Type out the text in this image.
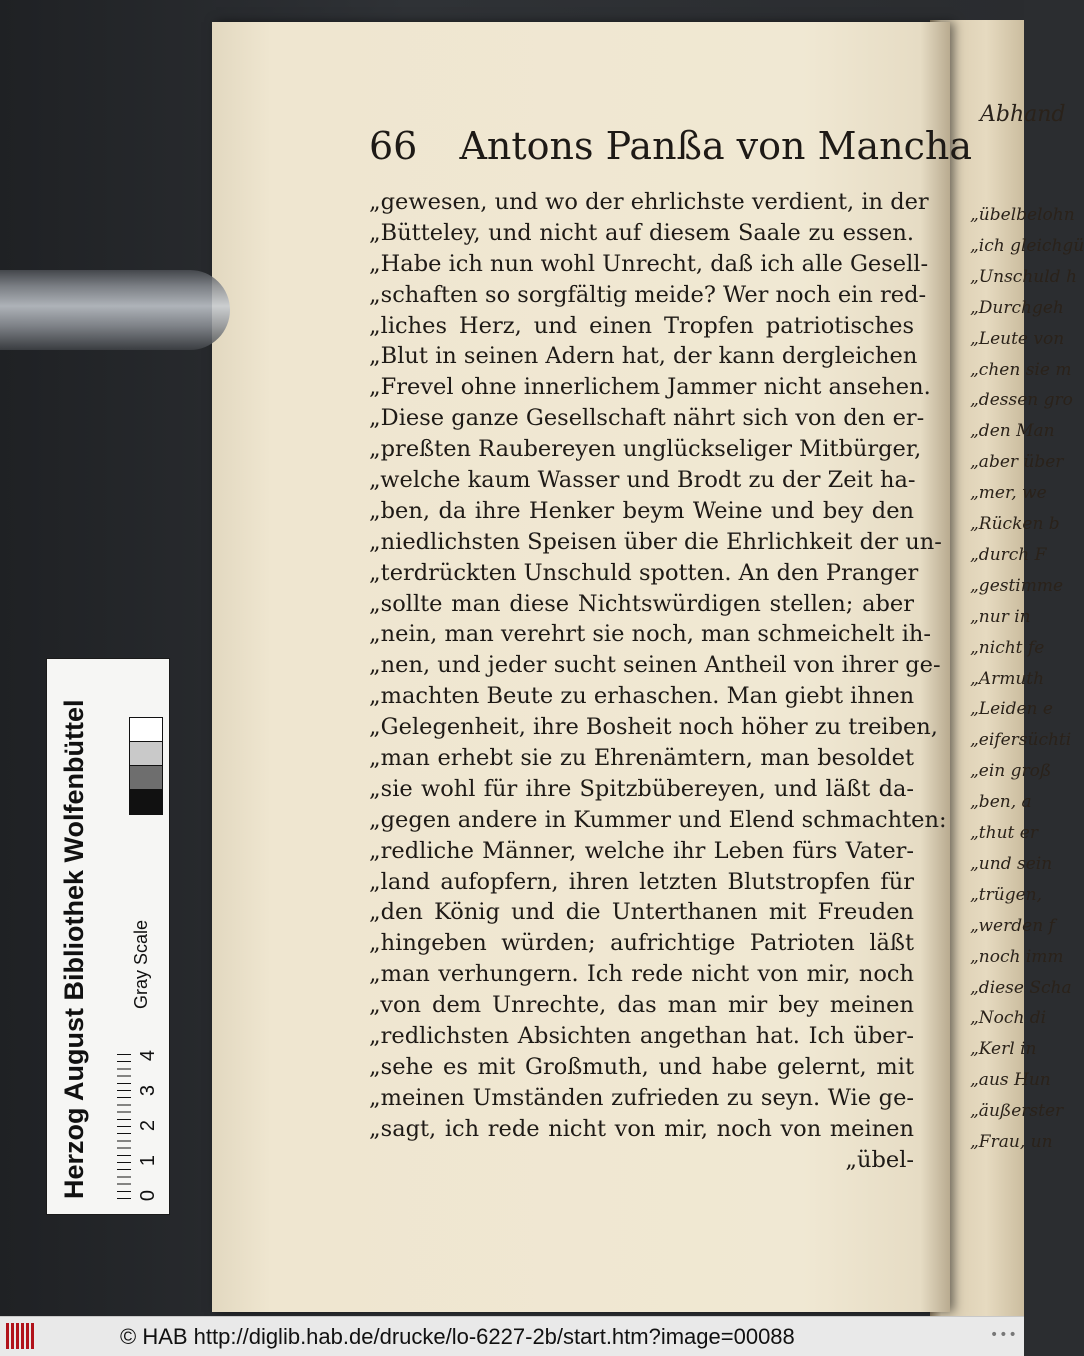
Abhand
„übelbelohn
„ich gleichgü
„Unschuld h
„Durchgeh
„Leute von
„chen sie m
„dessen gro
„den Man
„aber über
„mer, we
„Rücken b
„durch F
„gestimme
„nur in
„nicht fe
„Armuth
„Leiden e
„eifersüchti
„ein groß
„ben, a
„thut er
„und sein
„trügen,
„werden f
„noch imm
„diese Scha
„Noch di
„Kerl in
„aus Hun
„äußerster
„Frau, un
66 Antons Panßa von Mancha
„gewesen, und wo der ehrlichste verdient, in der
„Bütteley, und nicht auf diesem Saale zu essen.
„Habe ich nun wohl Unrecht, daß ich alle Gesell-
„schaften so sorgfältig meide? Wer noch ein red-
„liches Herz, und einen Tropfen patriotisches
„Blut in seinen Adern hat, der kann dergleichen
„Frevel ohne innerlichem Jammer nicht ansehen.
„Diese ganze Gesellschaft nährt sich von den er-
„preßten Raubereyen unglückseliger Mitbürger,
„welche kaum Wasser und Brodt zu der Zeit ha-
„ben, da ihre Henker beym Weine und bey den
„niedlichsten Speisen über die Ehrlichkeit der un-
„terdrückten Unschuld spotten. An den Pranger
„sollte man diese Nichtswürdigen stellen; aber
„nein, man verehrt sie noch, man schmeichelt ih-
„nen, und jeder sucht seinen Antheil von ihrer ge-
„machten Beute zu erhaschen. Man giebt ihnen
„Gelegenheit, ihre Bosheit noch höher zu treiben,
„man erhebt sie zu Ehrenämtern, man besoldet
„sie wohl für ihre Spitzbübereyen, und läßt da-
„gegen andere in Kummer und Elend schmachten:
„redliche Männer, welche ihr Leben fürs Vater-
„land aufopfern, ihren letzten Blutstropfen für
„den König und die Unterthanen mit Freuden
„hingeben würden; aufrichtige Patrioten läßt
„man verhungern. Ich rede nicht von mir, noch
„von dem Unrechte, das man mir bey meinen
„redlichsten Absichten angethan hat. Ich über-
„sehe es mit Großmuth, und habe gelernt, mit
„meinen Umständen zufrieden zu seyn. Wie ge-
„sagt, ich rede nicht von mir, noch von meinen
„übel-
Herzog August Bibliothek Wolfenbüttel Gray Scale
0
1
2
3
4
© HAB http://diglib.hab.de/drucke/lo-6227-2b/start.htm?image=00088	•••
